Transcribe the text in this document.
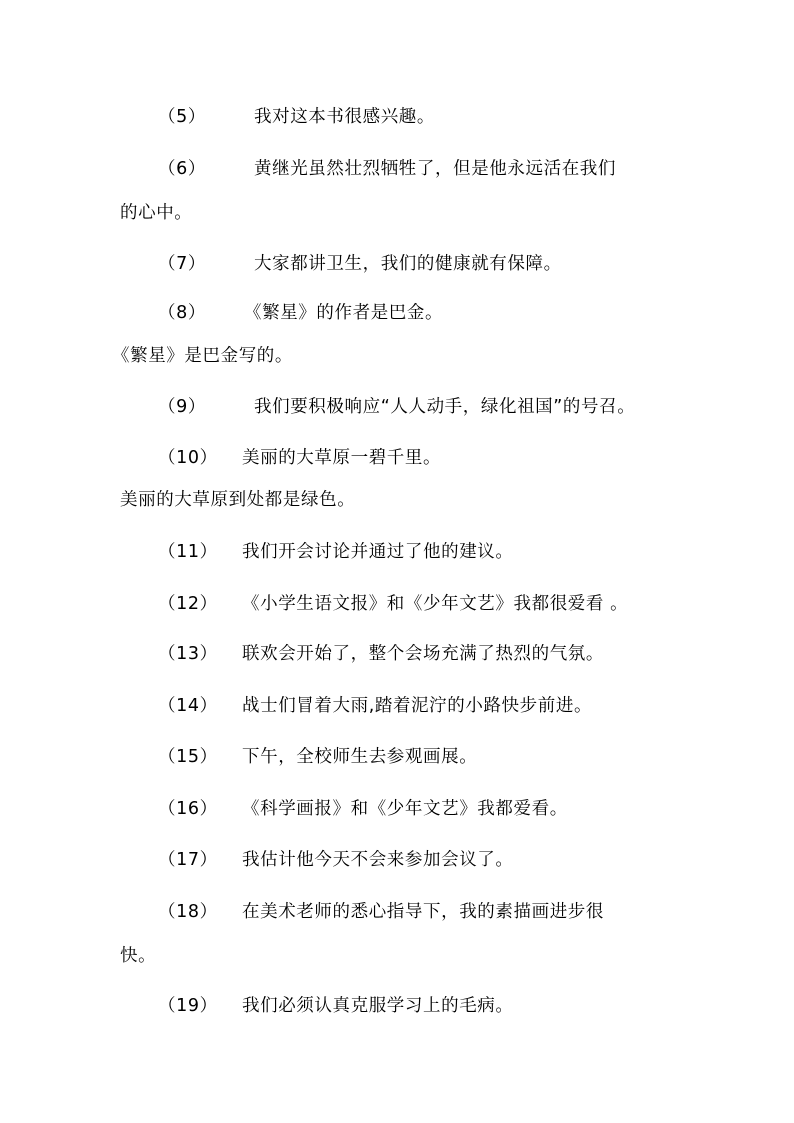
（5）	我对这本书很感兴趣。
（6）	黄继光虽然壮烈牺牲了，但是他永远活在我们
的心中。
（7）	大家都讲卫生，我们的健康就有保障。
（8） 《繁星》的作者是巴金。
《繁星》是巴金写的。
（9）	我们要积极响应“人人动手，绿化祖国”的号召。
（10） 美丽的大草原一碧千里。
美丽的大草原到处都是绿色。
（11） 我们开会讨论并通过了他的建议。
（12） 《小学生语文报》和《少年文艺》我都很爱看 。
（13） 联欢会开始了，整个会场充满了热烈的气氛。
（14） 战士们冒着大雨,踏着泥泞的小路快步前进。
（15） 下午，全校师生去参观画展。
（16） 《科学画报》和《少年文艺》我都爱看。
（17） 我估计他今天不会来参加会议了。
（18） 在美术老师的悉心指导下，我的素描画进步很
快。
（19） 我们必须认真克服学习上的毛病。
